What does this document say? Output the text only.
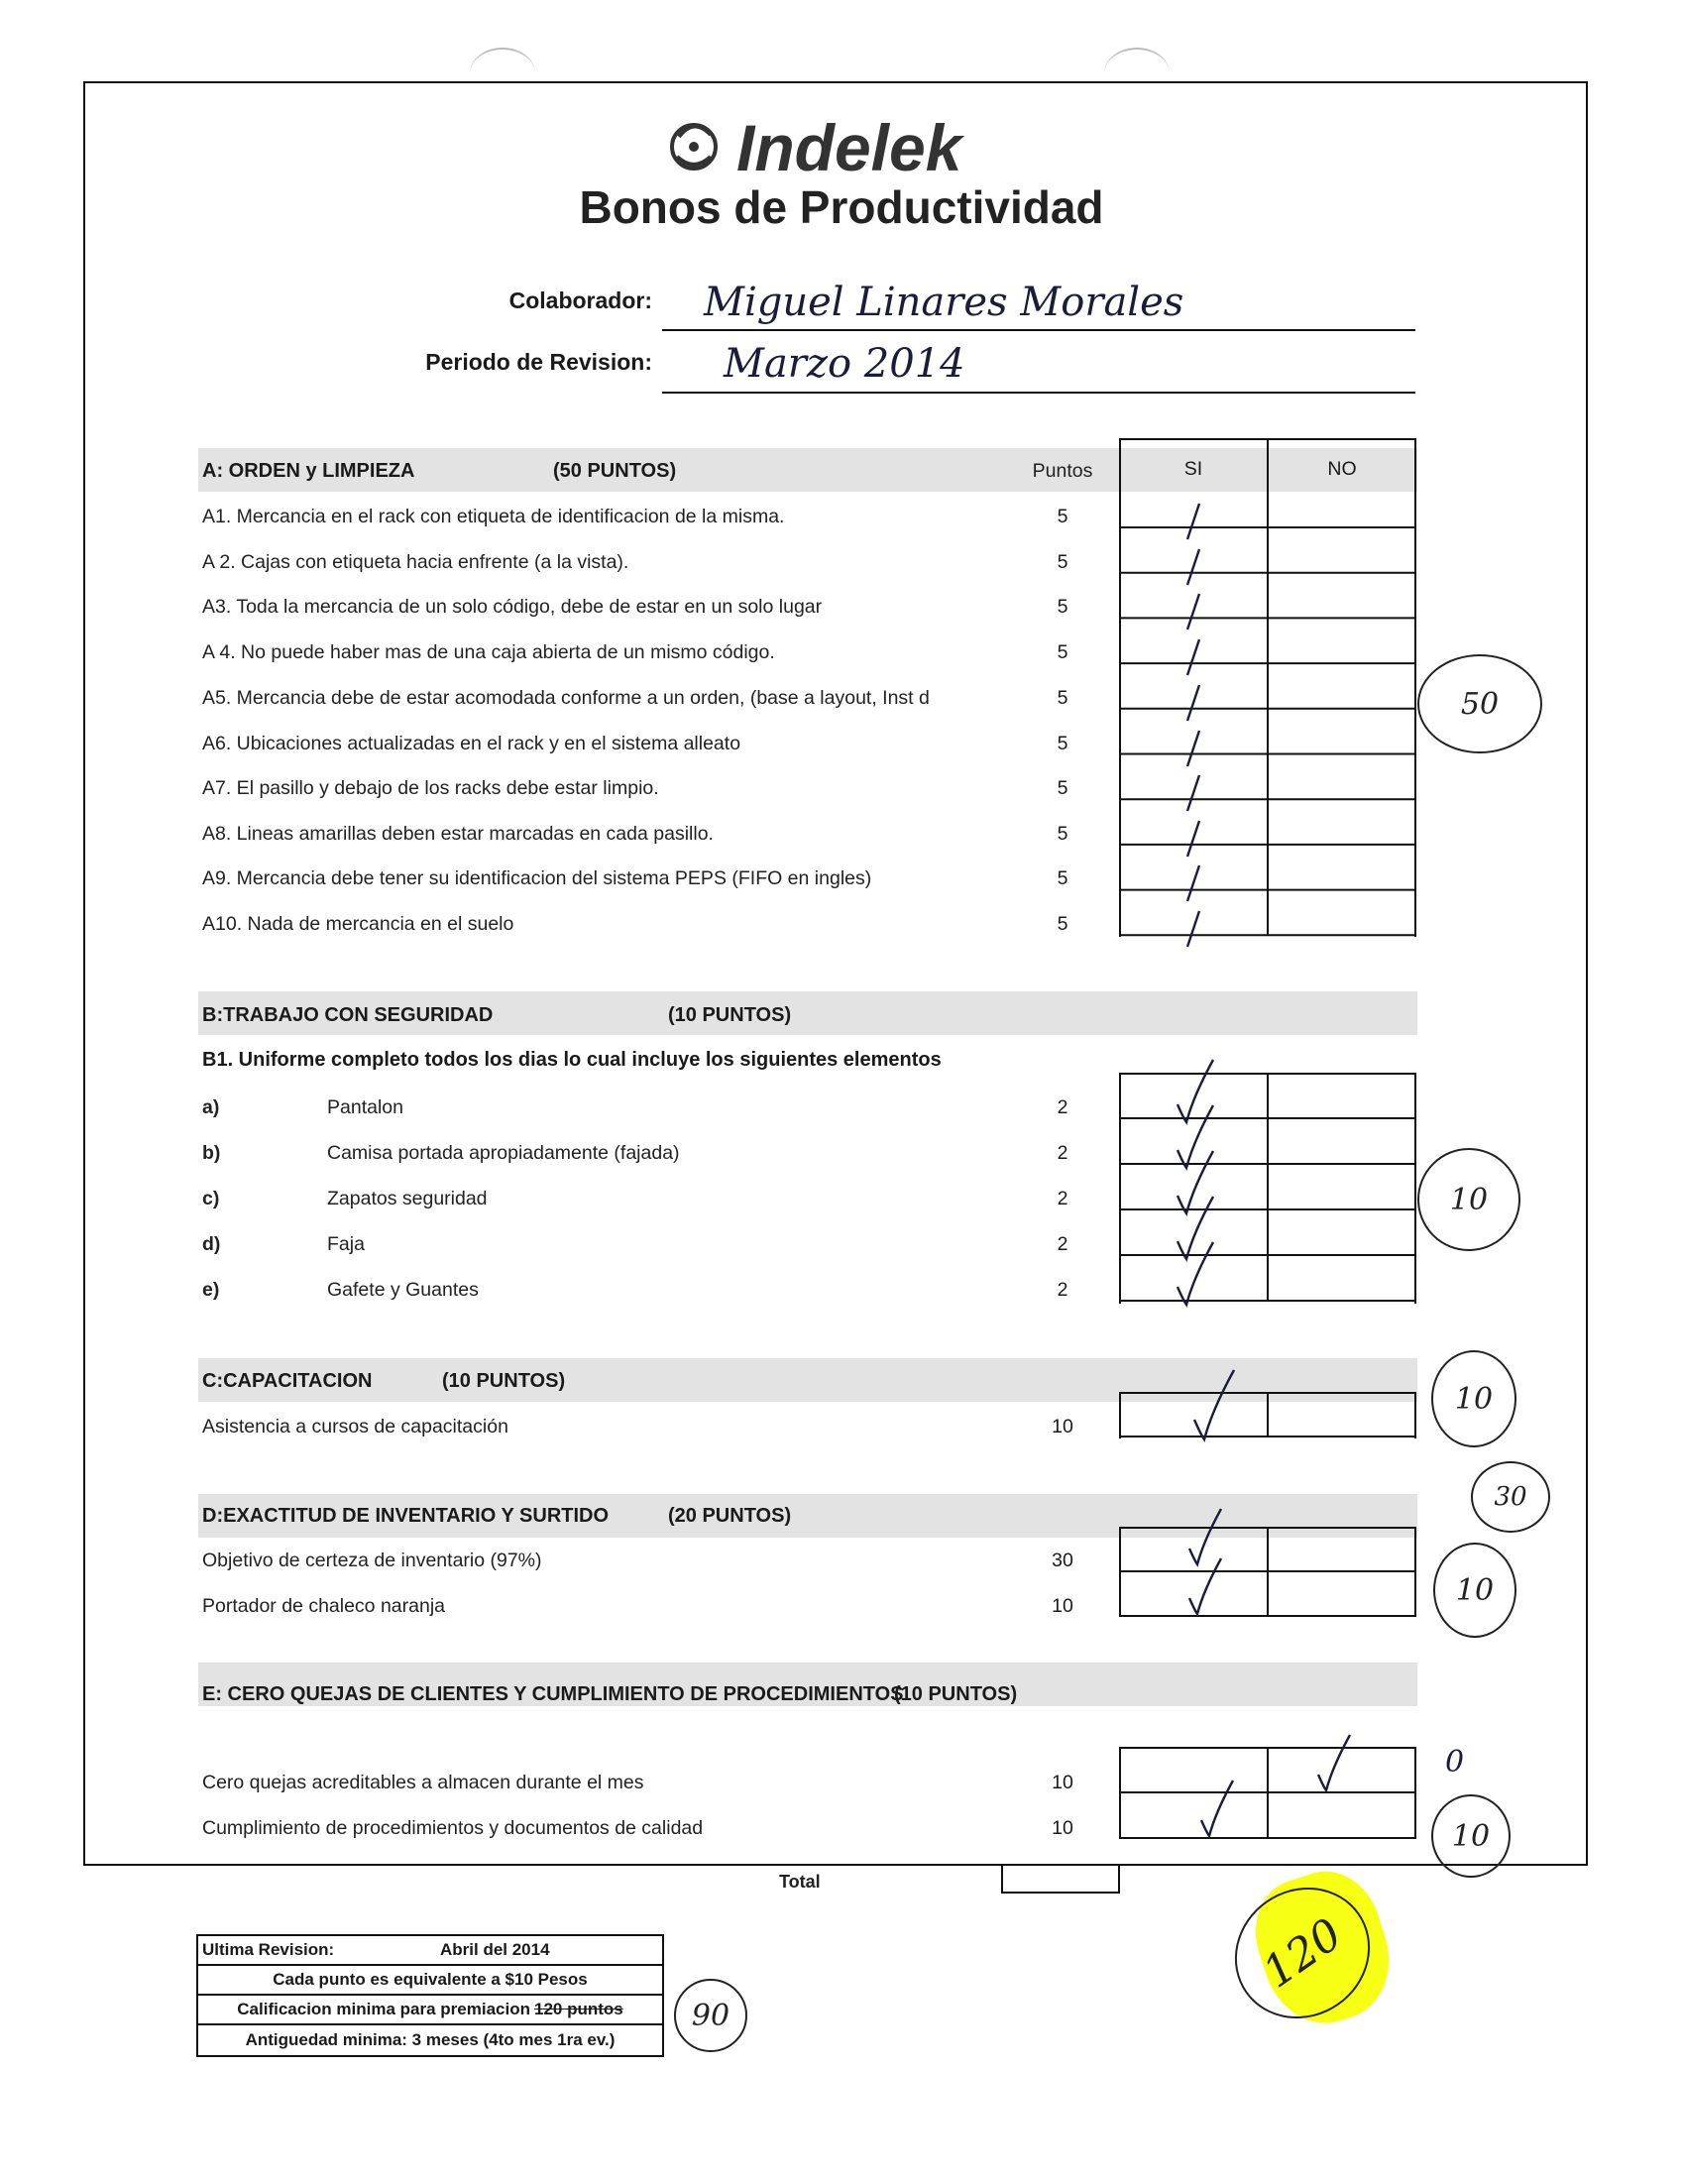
Indelek
Bonos de Productividad
Colaborador: Miguel Linares Morales
Periodo de Revision: Marzo 2014
A: ORDEN y LIMPIEZA	(50 PUNTOS)	Puntos	SI	NO
A1. Mercancia en el rack con etiqueta de identificacion de la misma.	5
A 2. Cajas con etiqueta hacia enfrente (a la vista).	5
A3. Toda la mercancia de un solo código, debe de estar en un solo lugar	5
A 4. No puede haber mas de una caja abierta de un mismo código.	5
A5. Mercancia debe de estar acomodada conforme a un orden, (base a layout, Inst d	5
A6. Ubicaciones actualizadas en el rack y en el sistema alleato	5
A7. El pasillo y debajo de los racks debe estar limpio.	5
A8. Lineas amarillas deben estar marcadas en cada pasillo.	5
A9. Mercancia debe tener su identificacion del sistema PEPS (FIFO en ingles)	5
A10. Nada de mercancia en el suelo	5
B:TRABAJO CON SEGURIDAD	(10 PUNTOS)
B1. Uniforme completo todos los dias lo cual incluye los siguientes elementos
a)	Pantalon	2
b)	Camisa portada apropiadamente (fajada)	2
c)	Zapatos seguridad	2
d)	Faja	2
e)	Gafete y Guantes	2
C:CAPACITACION	(10 PUNTOS)
Asistencia a cursos de capacitación	10
D:EXACTITUD DE INVENTARIO Y SURTIDO	(20 PUNTOS)
Objetivo de certeza de inventario (97%)	30
Portador de chaleco naranja	10
E: CERO QUEJAS DE CLIENTES Y CUMPLIMIENTO DE PROCEDIMIENTOS
(10 PUNTOS)
Cero quejas acreditables a almacen durante el mes	10
Cumplimiento de procedimientos y documentos de calidad	10
Total
Ultima Revision:	Abril del 2014
Cada punto es equivalente a $10 Pesos
Calificacion minima para premiacion 120 puntos
Antiguedad minima: 3 meses (4to mes 1ra ev.)
50
10
10
30
10
0
10
120
90
